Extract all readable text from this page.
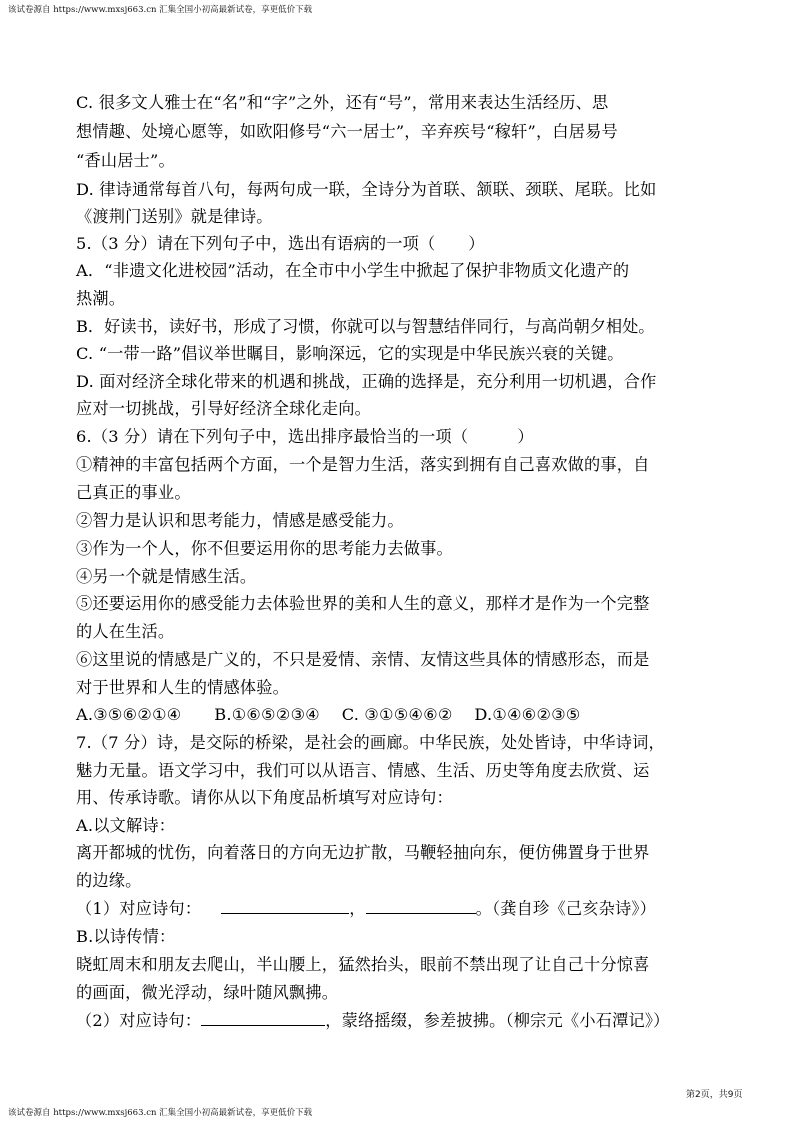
该试卷源自 https://www.mxsj663.cn 汇集全国小初高最新试卷，享更低价下载
C. 很多文人雅士在“名”和“字”之外，还有“号”，常用来表达生活经历、思
想情趣、处境心愿等，如欧阳修号“六一居士”，辛弃疾号“稼轩”，白居易号
“香山居士”。
D. 律诗通常每首八句，每两句成一联，全诗分为首联、颔联、颈联、尾联。比如
《渡荆门送别》就是律诗。
5.（3 分）请在下列句子中，选出有语病的一项（　　）
A．“非遗文化进校园”活动，在全市中小学生中掀起了保护非物质文化遗产的
热潮。
B．好读书，读好书，形成了习惯，你就可以与智慧结伴同行，与高尚朝夕相处。
C. “一带一路”倡议举世瞩目，影响深远，它的实现是中华民族兴衰的关键。
D. 面对经济全球化带来的机遇和挑战，正确的选择是，充分利用一切机遇，合作
应对一切挑战，引导好经济全球化走向。
6.（3 分）请在下列句子中，选出排序最恰当的一项（　　　）
①精神的丰富包括两个方面，一个是智力生活，落实到拥有自己喜欢做的事，自
己真正的事业。
②智力是认识和思考能力，情感是感受能力。
③作为一个人，你不但要运用你的思考能力去做事。
④另一个就是情感生活。
⑤还要运用你的感受能力去体验世界的美和人生的意义，那样才是作为一个完整
的人在生活。
⑥这里说的情感是广义的，不只是爱情、亲情、友情这些具体的情感形态，而是
对于世界和人生的情感体验。
A.③⑤⑥②①④　　B.①⑥⑤②③④　 C. ③①⑤④⑥②　 D.①④⑥②③⑤
7.（7 分）诗，是交际的桥梁，是社会的画廊。中华民族，处处皆诗，中华诗词，
魅力无量。语文学习中，我们可以从语言、情感、生活、历史等角度去欣赏、运
用、传承诗歌。请你从以下角度品析填写对应诗句：
A.以文解诗：
离开都城的忧伤，向着落日的方向无边扩散，马鞭轻抽向东，便仿佛置身于世界
的边缘。
（1）对应诗句：	，	。（龚自珍《己亥杂诗》）
B.以诗传情：
晓虹周末和朋友去爬山，半山腰上，猛然抬头，眼前不禁出现了让自己十分惊喜
的画面，微光浮动，绿叶随风飘拂。
（2）对应诗句：	，蒙络摇缀，参差披拂。（柳宗元《小石潭记》）
第2页，共9页
该试卷源自 https://www.mxsj663.cn 汇集全国小初高最新试卷，享更低价下载
